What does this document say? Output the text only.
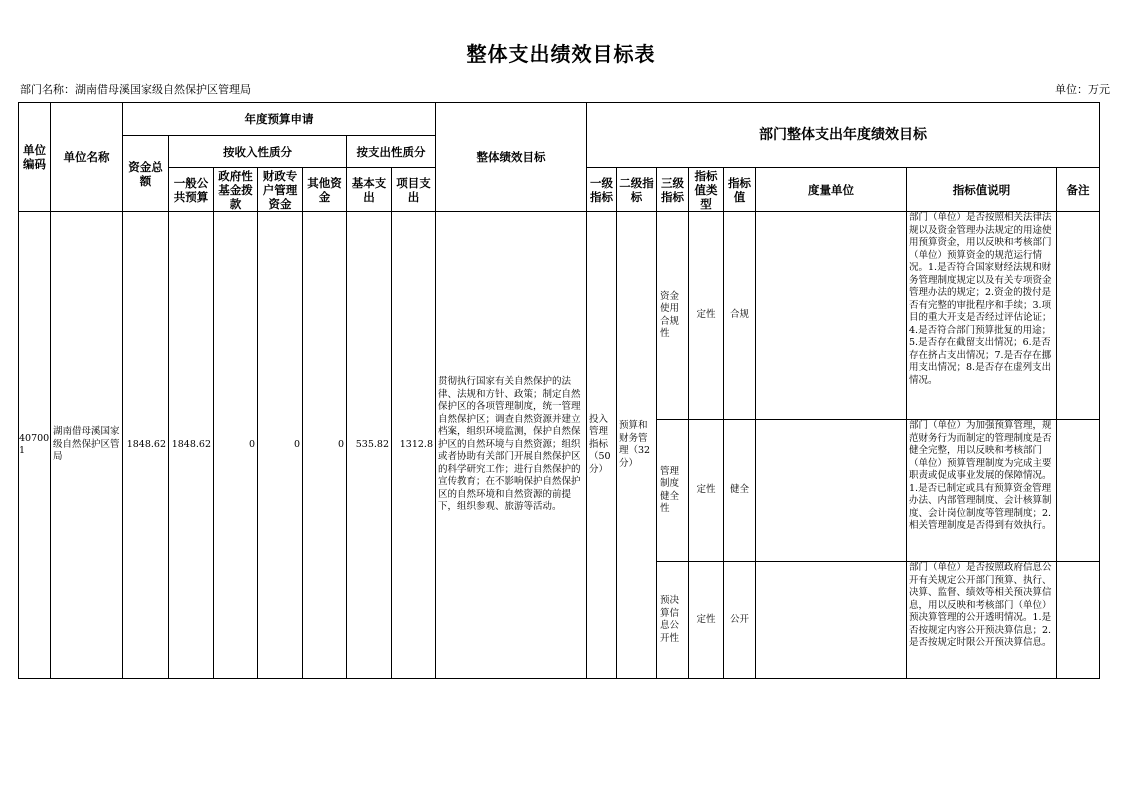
整体支出绩效目标表
部门名称：湖南借母溪国家级自然保护区管理局	单位：万元
单位编码	单位名称	年度预算申请							整体绩效目标	部门整体支出年度绩效目标							
		资金总额	按收入性质分				按支出性质分										
			一般公共预算	政府性基金拨款	财政专户管理资金	其他资金	基本支出	项目支出		一级指标	二级指标	三级指标	指标值类型	指标值	度量单位	指标值说明	备注
407001	湖南借母溪国家级自然保护区管局	1848.62	1848.62	0	0	0	535.82	1312.8	贯彻执行国家有关自然保护的法律、法规和方针、政策；制定自然保护区的各项管理制度，统一管理自然保护区；调查自然资源并建立档案，组织环境监测，保护自然保护区的自然环境与自然资源；组织或者协助有关部门开展自然保护区的科学研究工作；进行自然保护的宣传教育；在不影响保护自然保护区的自然环境和自然资源的前提下，组织参观、旅游等活动。	投入管理指标（50分）	预算和财务管理（32分）	资金使用合规性	定性	合规		部门（单位）是否按照相关法律法规以及资金管理办法规定的用途使用预算资金，用以反映和考核部门（单位）预算资金的规范运行情况。1.是否符合国家财经法规和财务管理制度规定以及有关专项资金管理办法的规定；2.资金的拨付是否有完整的审批程序和手续；3.项目的重大开支是否经过评估论证；4.是否符合部门预算批复的用途；5.是否存在截留支出情况；6.是否存在挤占支出情况；7.是否存在挪用支出情况；8.是否存在虚列支出情况。	

												管理制度健全性	定性	健全		部门（单位）为加强预算管理，规范财务行为而制定的管理制度是否健全完整，用以反映和考核部门（单位）预算管理制度为完成主要职责或促成事业发展的保障情况。1.是否已制定或具有预算资金管理办法、内部管理制度、会计核算制度、会计岗位制度等管理制度；2.相关管理制度是否得到有效执行。	

												预决算信息公开性	定性	公开		部门（单位）是否按照政府信息公开有关规定公开部门预算、执行、决算、监督、绩效等相关预决算信息，用以反映和考核部门（单位）预决算管理的公开透明情况。1.是否按规定内容公开预决算信息；2.是否按规定时限公开预决算信息。	
